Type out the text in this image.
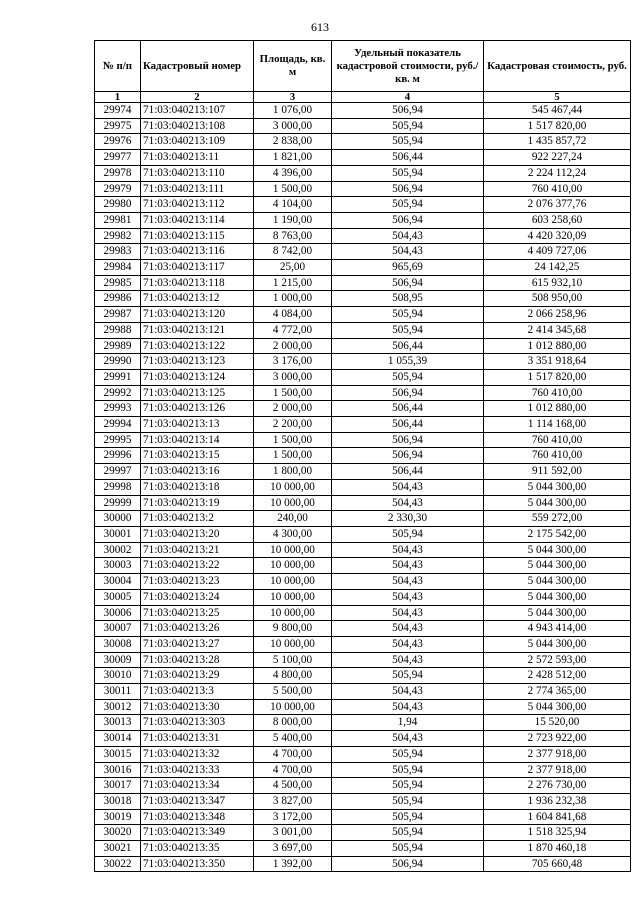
613
№ п/п	Кадастровый номер	Площадь, кв. м	Удельный показатель кадастровой стоимости, руб./кв. м	Кадастровая стоимость, руб.
1	2	3	4	5
29974	71:03:040213:107	1 076,00	506,94	545 467,44
29975	71:03:040213:108	3 000,00	505,94	1 517 820,00
29976	71:03:040213:109	2 838,00	505,94	1 435 857,72
29977	71:03:040213:11	1 821,00	506,44	922 227,24
29978	71:03:040213:110	4 396,00	505,94	2 224 112,24
29979	71:03:040213:111	1 500,00	506,94	760 410,00
29980	71:03:040213:112	4 104,00	505,94	2 076 377,76
29981	71:03:040213:114	1 190,00	506,94	603 258,60
29982	71:03:040213:115	8 763,00	504,43	4 420 320,09
29983	71:03:040213:116	8 742,00	504,43	4 409 727,06
29984	71:03:040213:117	25,00	965,69	24 142,25
29985	71:03:040213:118	1 215,00	506,94	615 932,10
29986	71:03:040213:12	1 000,00	508,95	508 950,00
29987	71:03:040213:120	4 084,00	505,94	2 066 258,96
29988	71:03:040213:121	4 772,00	505,94	2 414 345,68
29989	71:03:040213:122	2 000,00	506,44	1 012 880,00
29990	71:03:040213:123	3 176,00	1 055,39	3 351 918,64
29991	71:03:040213:124	3 000,00	505,94	1 517 820,00
29992	71:03:040213:125	1 500,00	506,94	760 410,00
29993	71:03:040213:126	2 000,00	506,44	1 012 880,00
29994	71:03:040213:13	2 200,00	506,44	1 114 168,00
29995	71:03:040213:14	1 500,00	506,94	760 410,00
29996	71:03:040213:15	1 500,00	506,94	760 410,00
29997	71:03:040213:16	1 800,00	506,44	911 592,00
29998	71:03:040213:18	10 000,00	504,43	5 044 300,00
29999	71:03:040213:19	10 000,00	504,43	5 044 300,00
30000	71:03:040213:2	240,00	2 330,30	559 272,00
30001	71:03:040213:20	4 300,00	505,94	2 175 542,00
30002	71:03:040213:21	10 000,00	504,43	5 044 300,00
30003	71:03:040213:22	10 000,00	504,43	5 044 300,00
30004	71:03:040213:23	10 000,00	504,43	5 044 300,00
30005	71:03:040213:24	10 000,00	504,43	5 044 300,00
30006	71:03:040213:25	10 000,00	504,43	5 044 300,00
30007	71:03:040213:26	9 800,00	504,43	4 943 414,00
30008	71:03:040213:27	10 000,00	504,43	5 044 300,00
30009	71:03:040213:28	5 100,00	504,43	2 572 593,00
30010	71:03:040213:29	4 800,00	505,94	2 428 512,00
30011	71:03:040213:3	5 500,00	504,43	2 774 365,00
30012	71:03:040213:30	10 000,00	504,43	5 044 300,00
30013	71:03:040213:303	8 000,00	1,94	15 520,00
30014	71:03:040213:31	5 400,00	504,43	2 723 922,00
30015	71:03:040213:32	4 700,00	505,94	2 377 918,00
30016	71:03:040213:33	4 700,00	505,94	2 377 918,00
30017	71:03:040213:34	4 500,00	505,94	2 276 730,00
30018	71:03:040213:347	3 827,00	505,94	1 936 232,38
30019	71:03:040213:348	3 172,00	505,94	1 604 841,68
30020	71:03:040213:349	3 001,00	505,94	1 518 325,94
30021	71:03:040213:35	3 697,00	505,94	1 870 460,18
30022	71:03:040213:350	1 392,00	506,94	705 660,48
